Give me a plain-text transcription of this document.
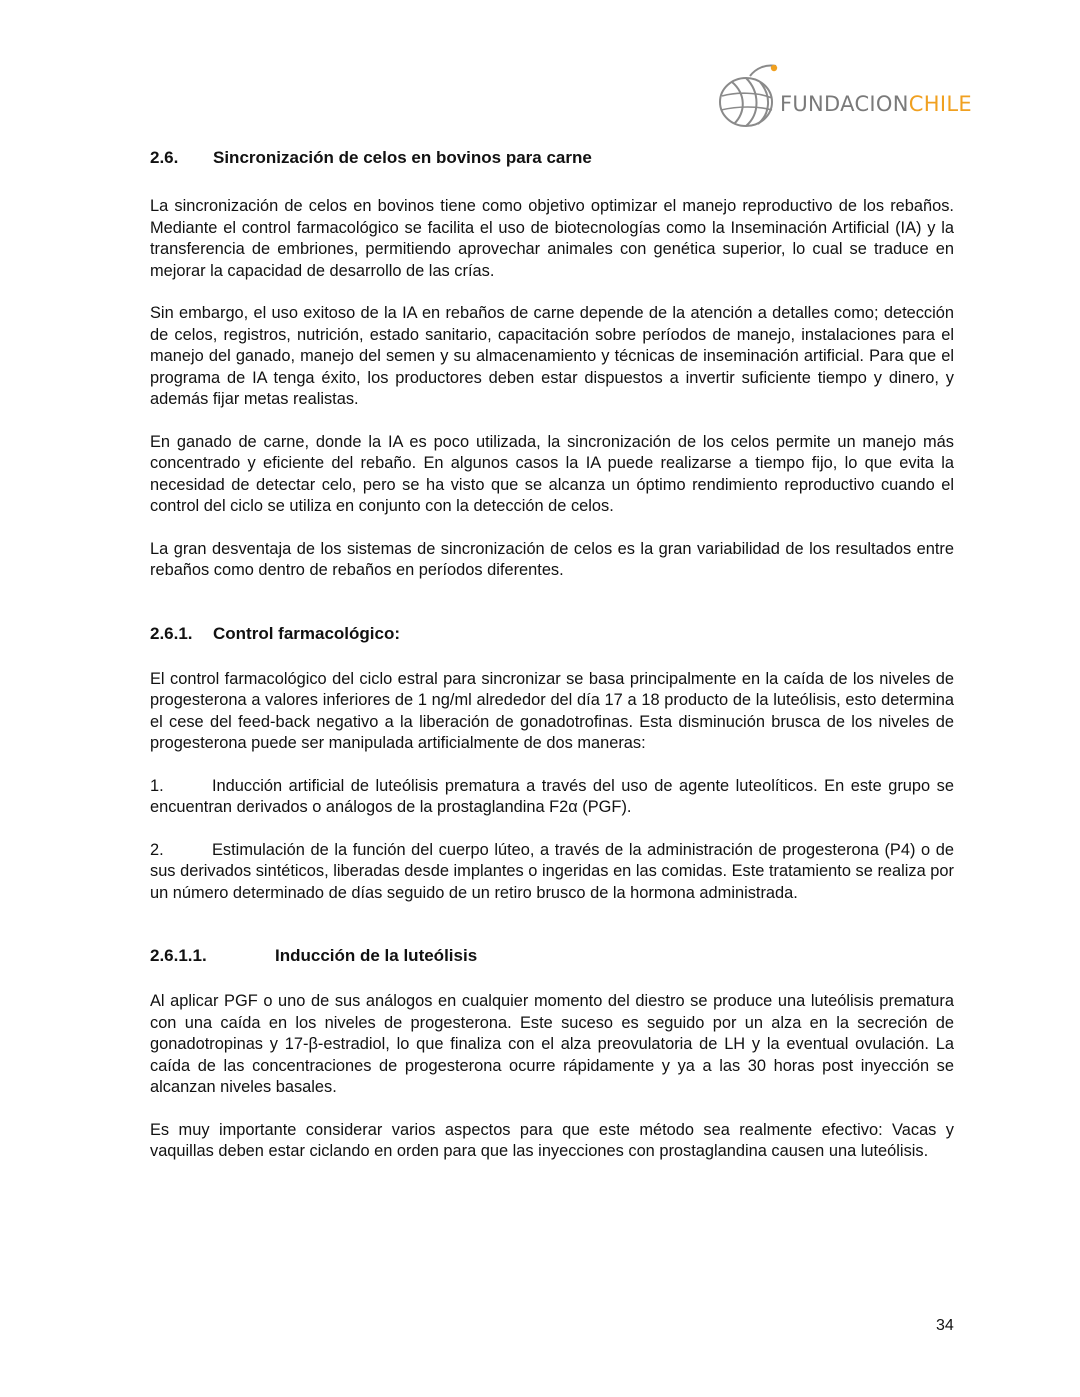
FUNDACIONCHILE
2.6. Sincronización de celos en bovinos para carne

La sincronización de celos en bovinos tiene como objetivo optimizar el manejo reproductivo de los rebaños. Mediante el control farmacológico se facilita el uso de biotecnologías como la Inseminación Artificial (IA) y la transferencia de embriones, permitiendo aprovechar animales con genética superior, lo cual se traduce en mejorar la capacidad de desarrollo de las crías.

Sin embargo, el uso exitoso de la IA en rebaños de carne depende de la atención a detalles como; detección de celos, registros, nutrición, estado sanitario, capacitación sobre períodos de manejo, instalaciones para el manejo del ganado, manejo del semen y su almacenamiento y técnicas de inseminación artificial. Para que el programa de IA tenga éxito, los productores deben estar dispuestos a invertir suficiente tiempo y dinero, y además fijar metas realistas.

En ganado de carne, donde la IA es poco utilizada, la sincronización de los celos permite un manejo más concentrado y eficiente del rebaño. En algunos casos la IA puede realizarse a tiempo fijo, lo que evita la necesidad de detectar celo, pero se ha visto que se alcanza un óptimo rendimiento reproductivo cuando el control del ciclo se utiliza en conjunto con la detección de celos.

La gran desventaja de los sistemas de sincronización de celos es la gran variabilidad de los resultados entre rebaños como dentro de rebaños en períodos diferentes.

2.6.1. Control farmacológico:

El control farmacológico del ciclo estral para sincronizar se basa principalmente en la caída de los niveles de progesterona a valores inferiores de 1 ng/ml alrededor del día 17 a 18 producto de la luteólisis, esto determina el cese del feed-back negativo a la liberación de gonadotrofinas. Esta disminución brusca de los niveles de progesterona puede ser manipulada artificialmente de dos maneras:

1.	Inducción artificial de luteólisis prematura a través del uso de agente luteolíticos. En este grupo se encuentran derivados o análogos de la prostaglandina F2α (PGF).

2.	Estimulación de la función del cuerpo lúteo, a través de la administración de progesterona (P4) o de sus derivados sintéticos, liberadas desde implantes o ingeridas en las comidas. Este tratamiento se realiza por un número determinado de días seguido de un retiro brusco de la hormona administrada.

2.6.1.1.	Inducción de la luteólisis

Al aplicar PGF o uno de sus análogos en cualquier momento del diestro se produce una luteólisis prematura con una caída en los niveles de progesterona. Este suceso es seguido por un alza en la secreción de gonadotropinas y 17-β-estradiol, lo que finaliza con el alza preovulatoria de LH y la eventual ovulación. La caída de las concentraciones de progesterona ocurre rápidamente y ya a las 30 horas post inyección se alcanzan niveles basales.

Es muy importante considerar varios aspectos para que este método sea realmente efectivo: Vacas y vaquillas deben estar ciclando en orden para que las inyecciones con prostaglandina causen una luteólisis.

34
